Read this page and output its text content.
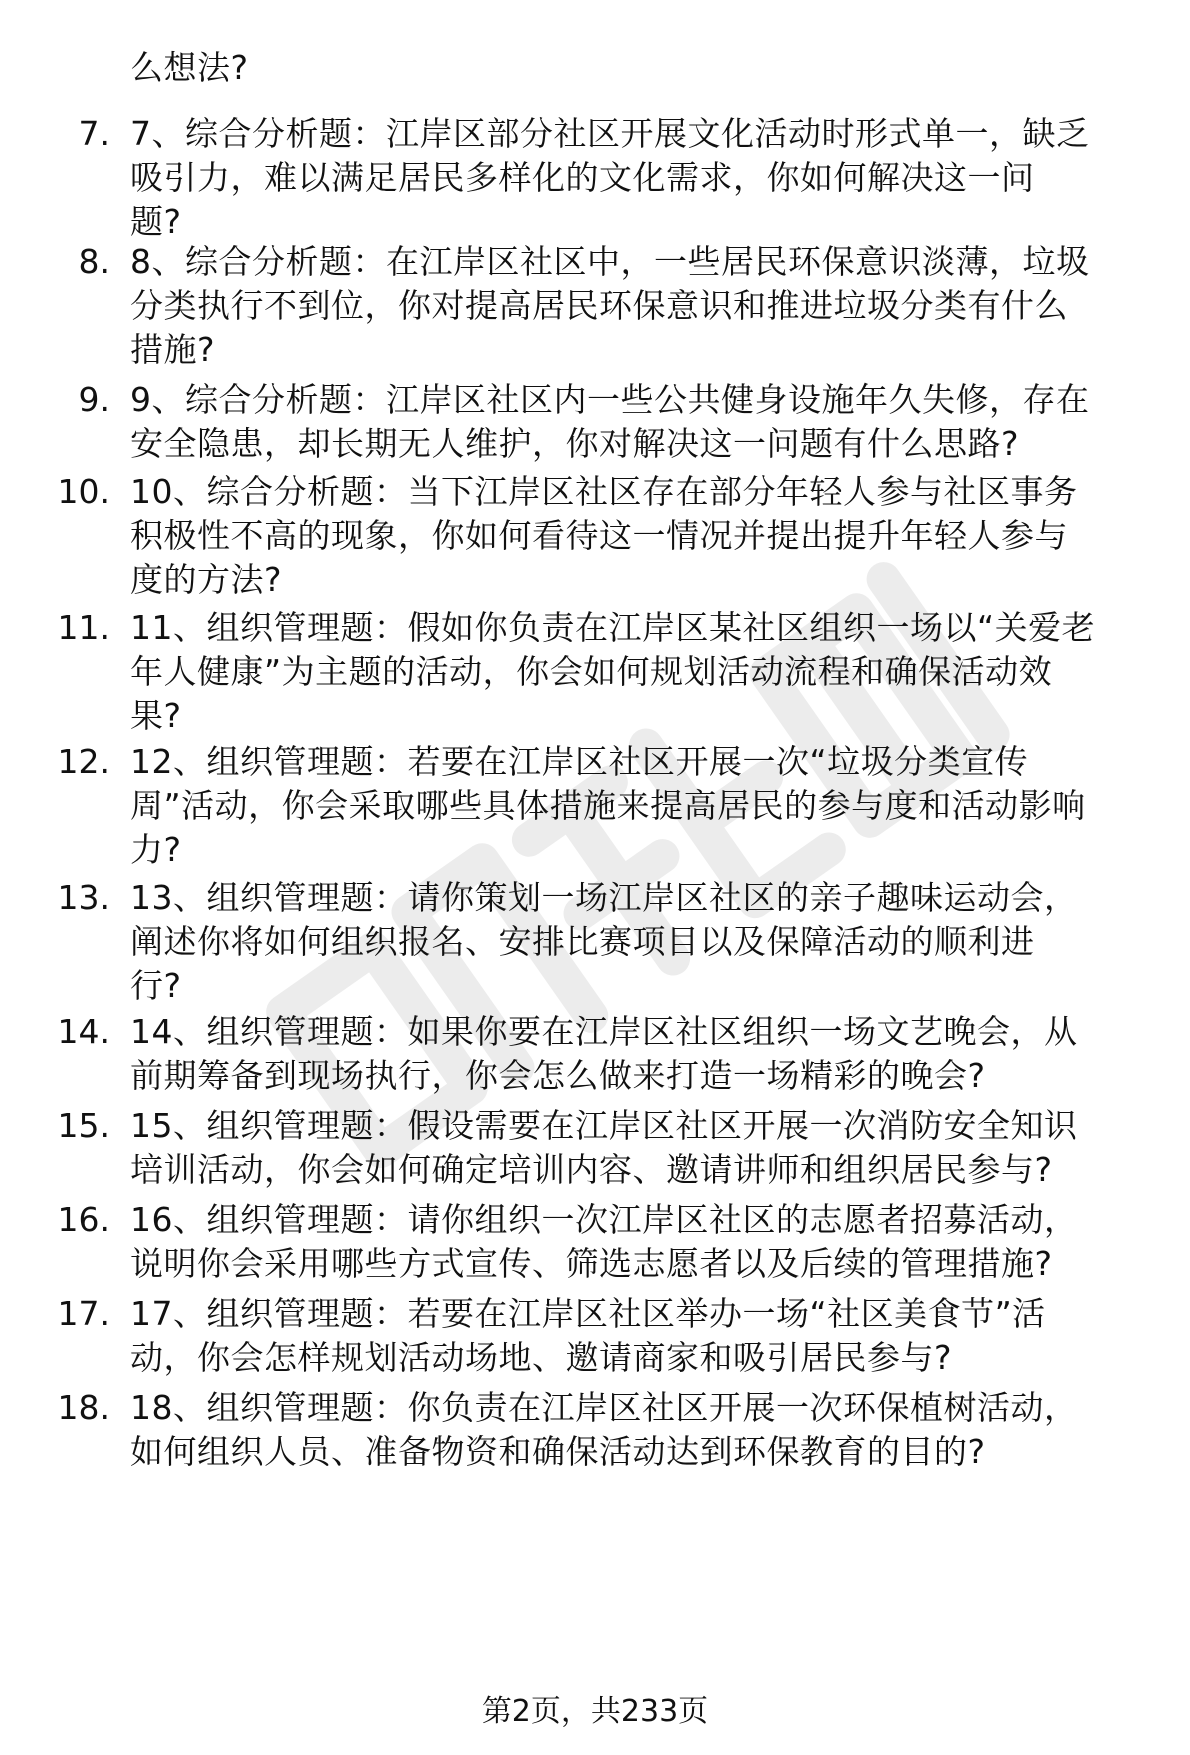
么想法?
7. 7、综合分析题：江岸区部分社区开展文化活动时形式单一，缺乏
吸引力，难以满足居民多样化的文化需求，你如何解决这一问
题?
8. 8、综合分析题：在江岸区社区中，一些居民环保意识淡薄，垃圾
分类执行不到位，你对提高居民环保意识和推进垃圾分类有什么
措施?
9. 9、综合分析题：江岸区社区内一些公共健身设施年久失修，存在
安全隐患，却长期无人维护，你对解决这一问题有什么思路?
10. 10、综合分析题：当下江岸区社区存在部分年轻人参与社区事务
积极性不高的现象，你如何看待这一情况并提出提升年轻人参与
度的方法?
11. 11、组织管理题：假如你负责在江岸区某社区组织一场以“关爱老
年人健康”为主题的活动，你会如何规划活动流程和确保活动效
果?
12. 12、组织管理题：若要在江岸区社区开展一次“垃圾分类宣传
周”活动，你会采取哪些具体措施来提高居民的参与度和活动影响
力?
13. 13、组织管理题：请你策划一场江岸区社区的亲子趣味运动会，
阐述你将如何组织报名、安排比赛项目以及保障活动的顺利进
行?
14. 14、组织管理题：如果你要在江岸区社区组织一场文艺晚会，从
前期筹备到现场执行，你会怎么做来打造一场精彩的晚会?
15. 15、组织管理题：假设需要在江岸区社区开展一次消防安全知识
培训活动，你会如何确定培训内容、邀请讲师和组织居民参与?
16. 16、组织管理题：请你组织一次江岸区社区的志愿者招募活动，
说明你会采用哪些方式宣传、筛选志愿者以及后续的管理措施?
17. 17、组织管理题：若要在江岸区社区举办一场“社区美食节”活
动，你会怎样规划活动场地、邀请商家和吸引居民参与?
18. 18、组织管理题：你负责在江岸区社区开展一次环保植树活动，
如何组织人员、准备物资和确保活动达到环保教育的目的?
第2页，共233页
